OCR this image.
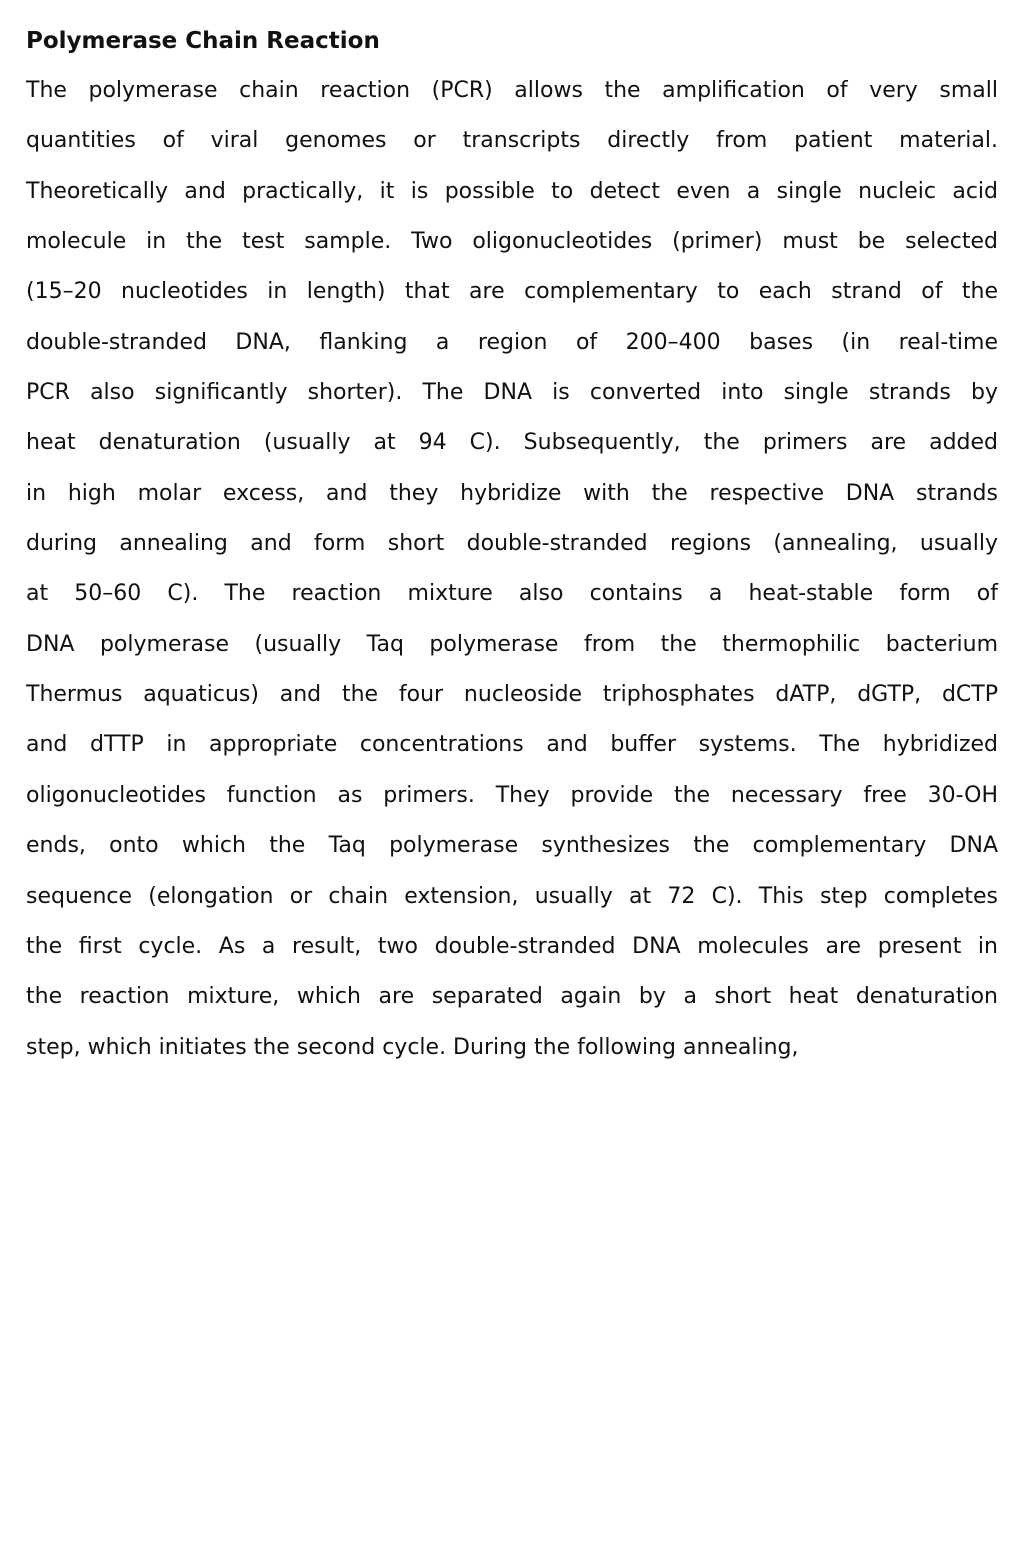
Polymerase Chain Reaction
The polymerase chain reaction (PCR) allows the amplification of very small
quantities of viral genomes or transcripts directly from patient material.
Theoretically and practically, it is possible to detect even a single nucleic acid
molecule in the test sample. Two oligonucleotides (primer) must be selected
(15–20 nucleotides in length) that are complementary to each strand of the
double-stranded DNA, flanking a region of 200–400 bases (in real-time
PCR also significantly shorter). The DNA is converted into single strands by
heat denaturation (usually at 94 C). Subsequently, the primers are added
in high molar excess, and they hybridize with the respective DNA strands
during annealing and form short double-stranded regions (annealing, usually
at 50–60 C). The reaction mixture also contains a heat-stable form of
DNA polymerase (usually Taq polymerase from the thermophilic bacterium
Thermus aquaticus) and the four nucleoside triphosphates dATP, dGTP, dCTP
and dTTP in appropriate concentrations and buffer systems. The hybridized
oligonucleotides function as primers. They provide the necessary free 30-OH
ends, onto which the Taq polymerase synthesizes the complementary DNA
sequence (elongation or chain extension, usually at 72 C). This step completes
the first cycle. As a result, two double-stranded DNA molecules are present in
the reaction mixture, which are separated again by a short heat denaturation
step, which initiates the second cycle. During the following annealing,
